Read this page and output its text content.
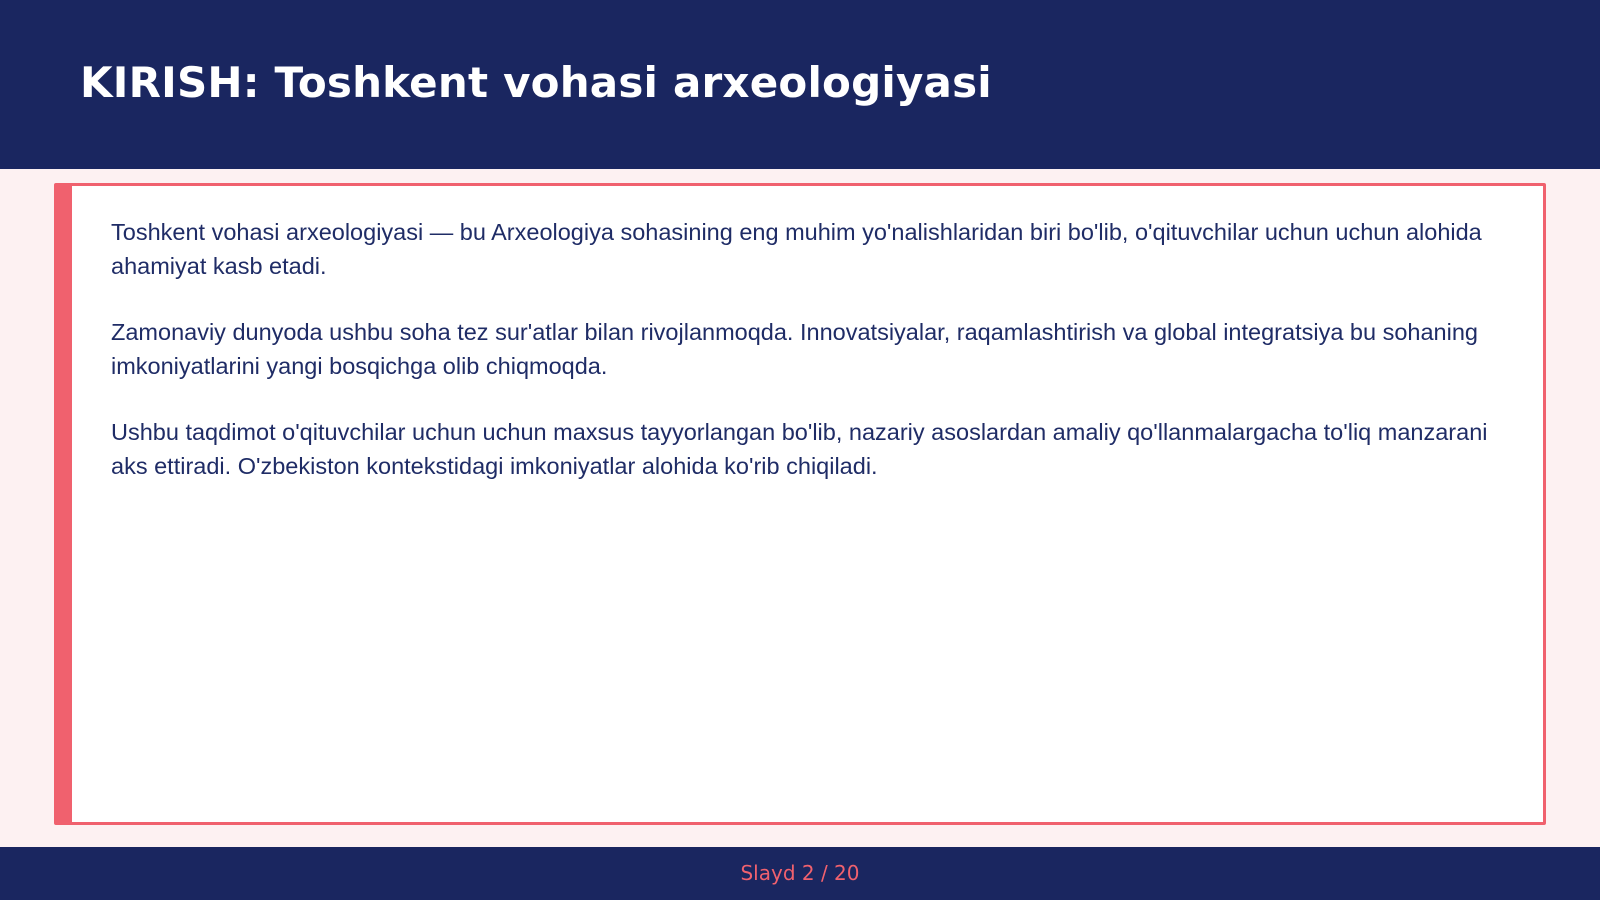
KIRISH: Toshkent vohasi arxeologiyasi

Toshkent vohasi arxeologiyasi — bu Arxeologiya sohasining eng muhim yo'nalishlaridan biri bo'lib, o'qituvchilar uchun uchun alohida ahamiyat kasb etadi.

Zamonaviy dunyoda ushbu soha tez sur'atlar bilan rivojlanmoqda. Innovatsiyalar, raqamlashtirish va global integratsiya bu sohaning imkoniyatlarini yangi bosqichga olib chiqmoqda.

Ushbu taqdimot o'qituvchilar uchun uchun maxsus tayyorlangan bo'lib, nazariy asoslardan amaliy qo'llanmalargacha to'liq manzarani aks ettiradi. O'zbekiston kontekstidagi imkoniyatlar alohida ko'rib chiqiladi.

Slayd 2 / 20
